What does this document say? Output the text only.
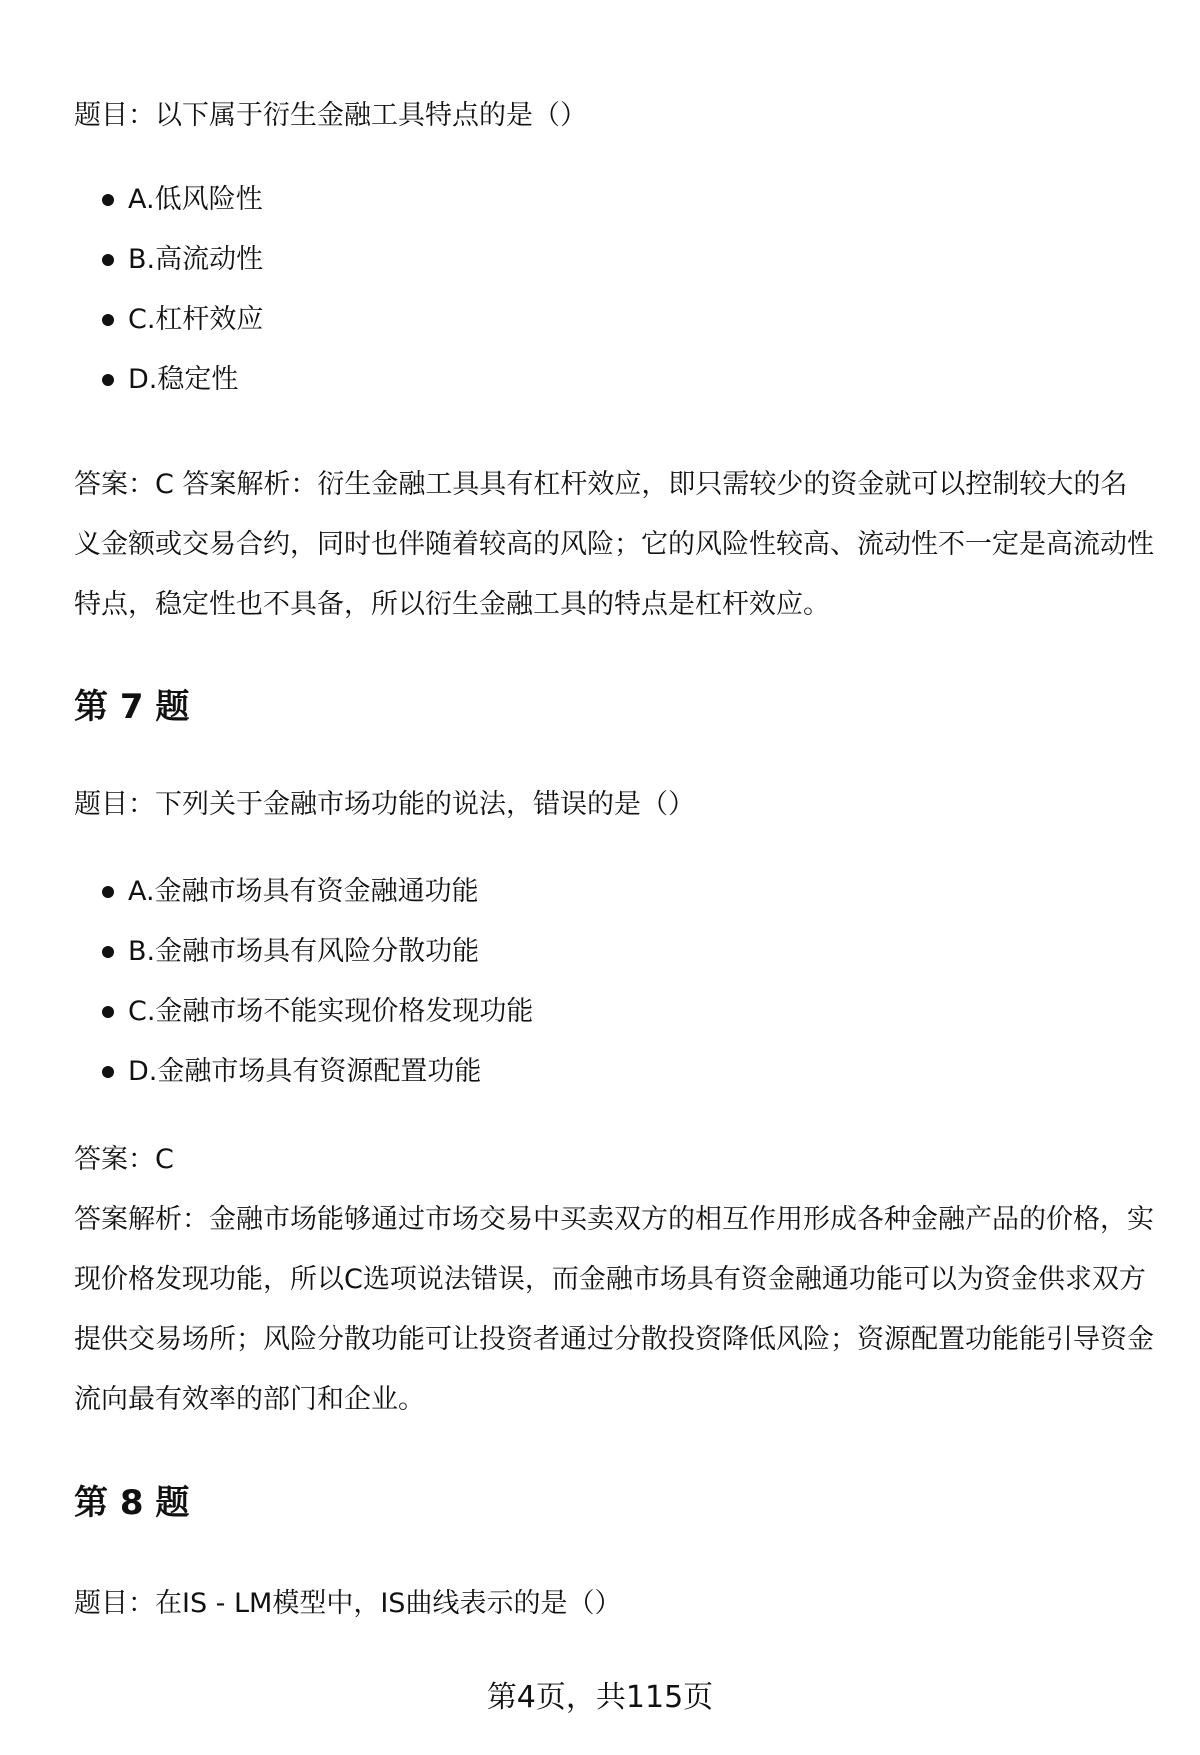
题目：以下属于衍生金融工具特点的是（）

A.低风险性
B.高流动性
C.杠杆效应
D.稳定性

答案：C 答案解析：衍生金融工具具有杠杆效应，即只需较少的资金就可以控制较大的名义金额或交易合约，同时也伴随着较高的风险；它的风险性较高、流动性不一定是高流动性特点，稳定性也不具备，所以衍生金融工具的特点是杠杆效应。

第 7 题

题目：下列关于金融市场功能的说法，错误的是（）

A.金融市场具有资金融通功能
B.金融市场具有风险分散功能
C.金融市场不能实现价格发现功能
D.金融市场具有资源配置功能

答案：C

答案解析：金融市场能够通过市场交易中买卖双方的相互作用形成各种金融产品的价格，实现价格发现功能，所以C选项说法错误，而金融市场具有资金融通功能可以为资金供求双方提供交易场所；风险分散功能可让投资者通过分散投资降低风险；资源配置功能能引导资金流向最有效率的部门和企业。

第 8 题

题目：在IS - LM模型中，IS曲线表示的是（）

第4页，共115页
